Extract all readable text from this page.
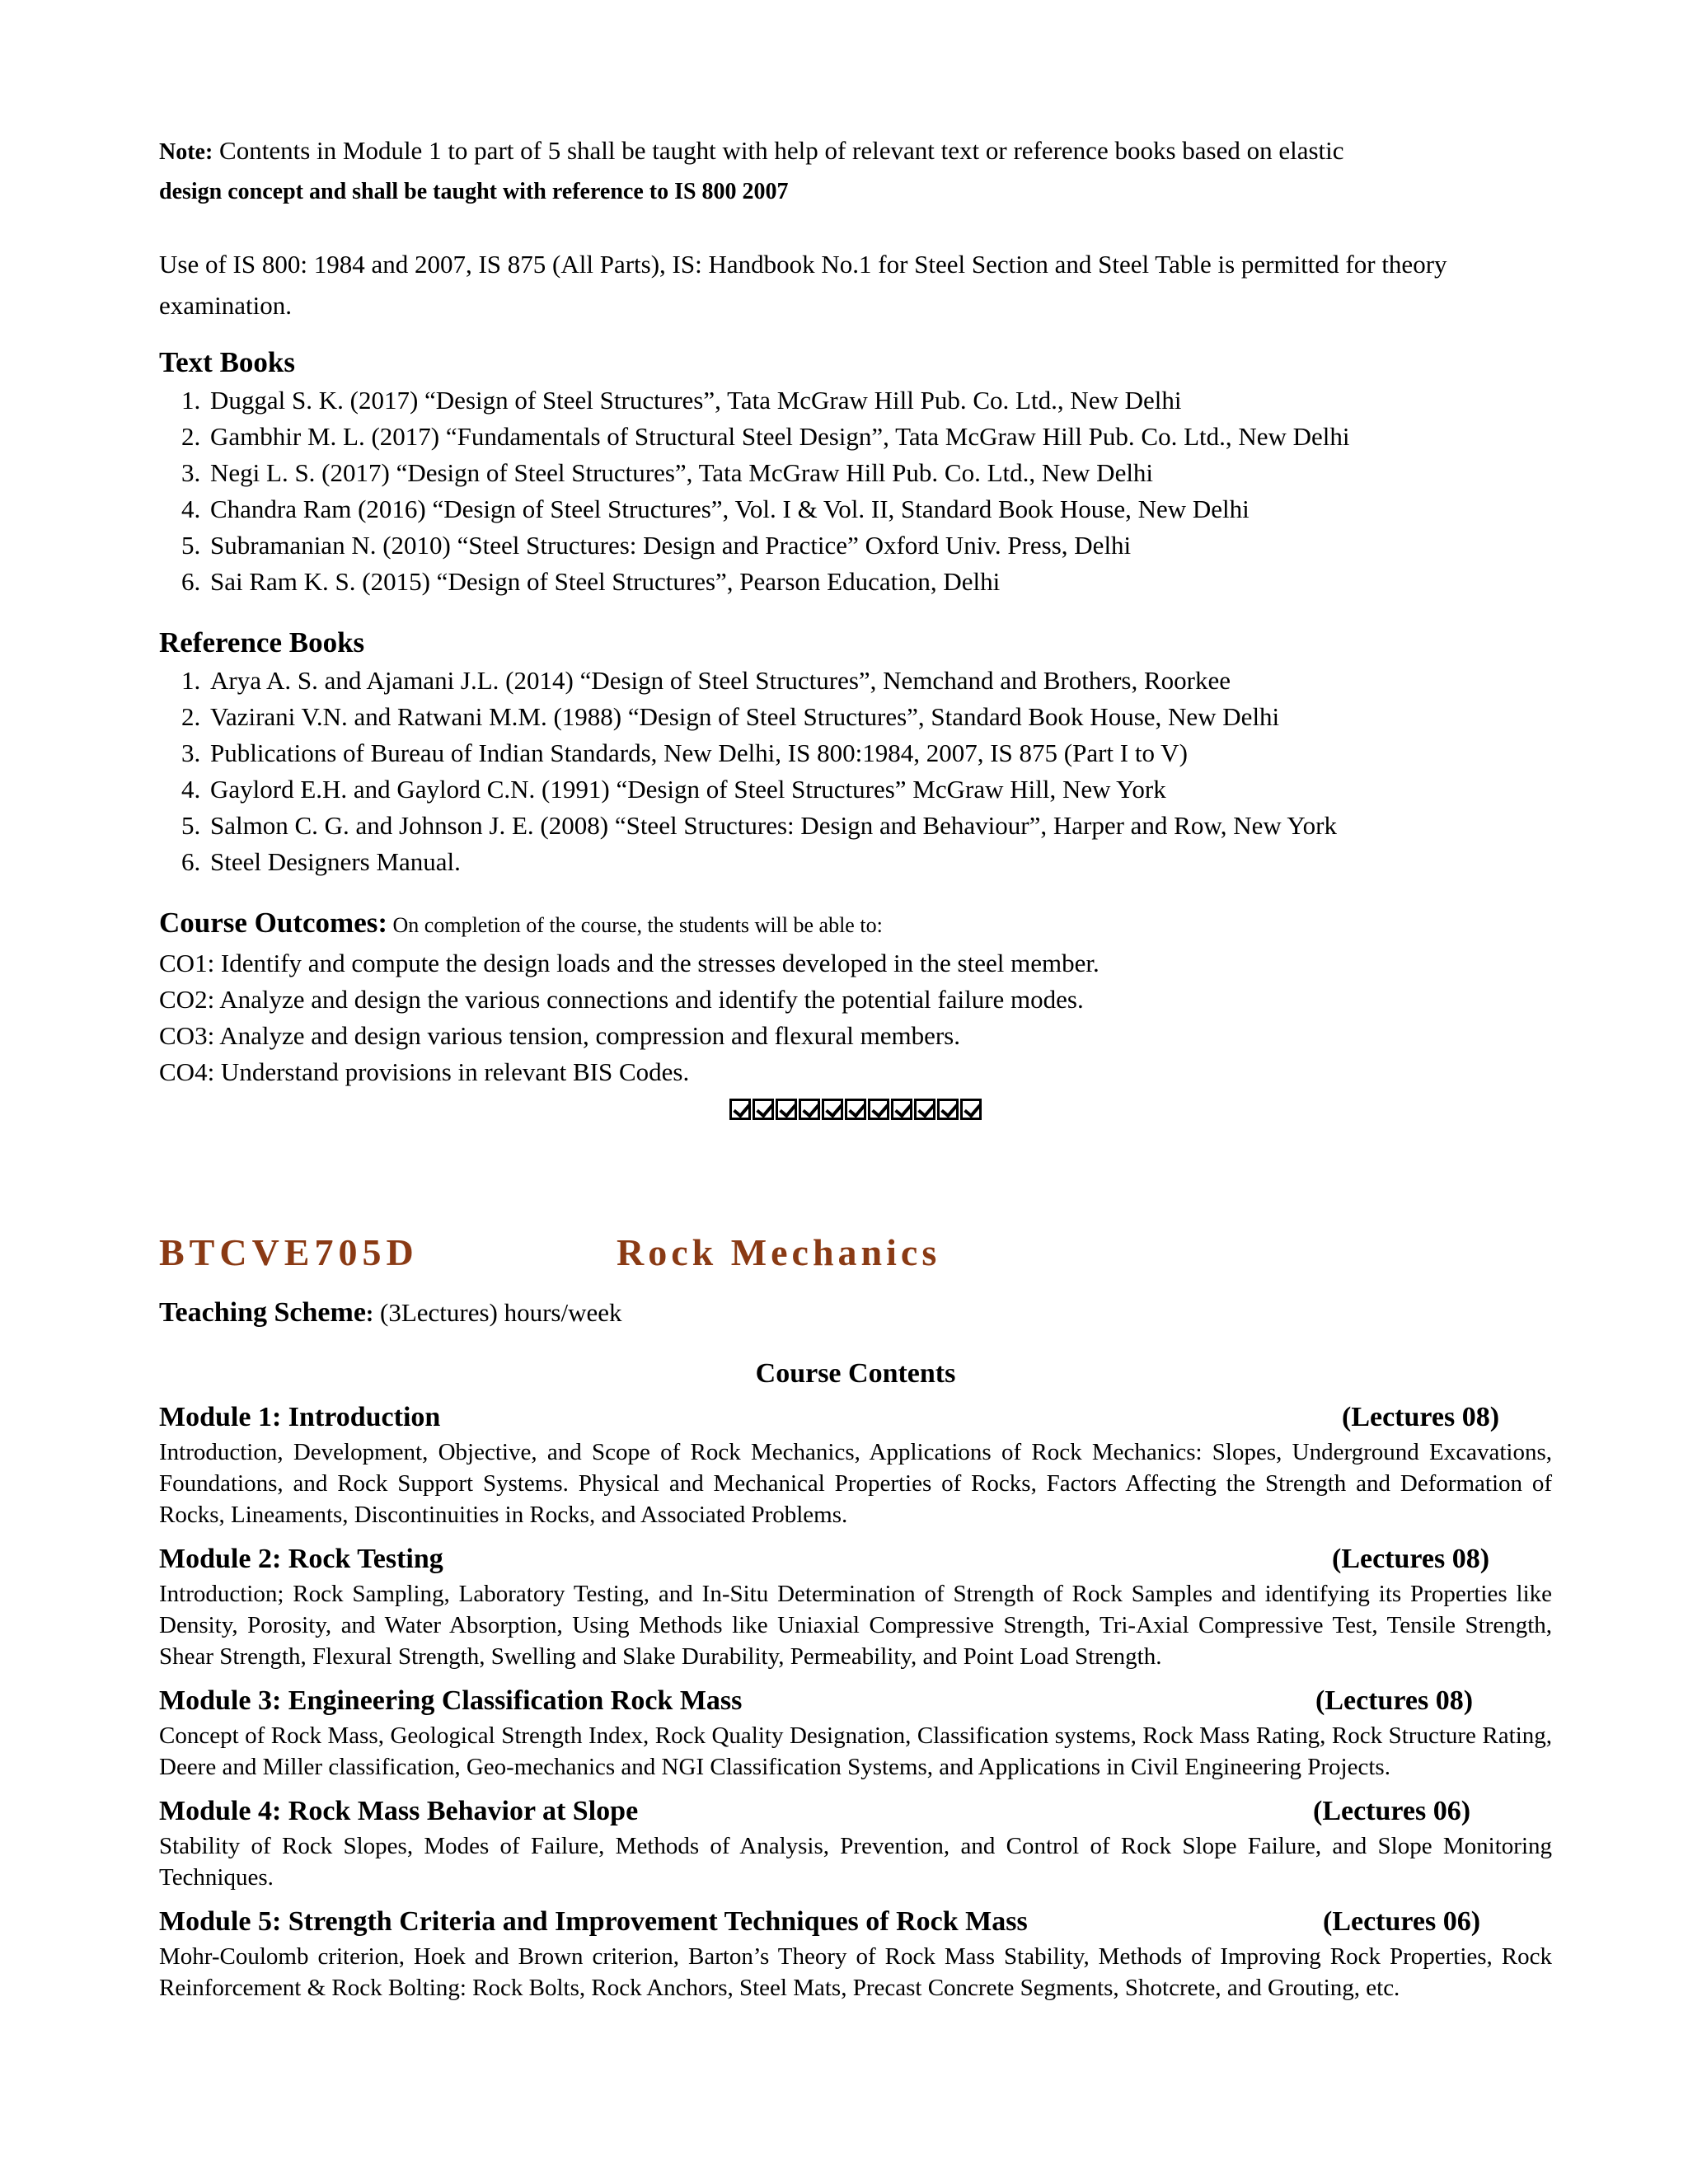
Note: Contents in Module 1 to part of 5 shall be taught with help of relevant text or reference books based on elastic
design concept and shall be taught with reference to IS 800 2007

Use of IS 800: 1984 and 2007, IS 875 (All Parts), IS: Handbook No.1 for Steel Section and Steel Table is permitted for theory examination.

Text Books
1. Duggal S. K. (2017) “Design of Steel Structures”, Tata McGraw Hill Pub. Co. Ltd., New Delhi
2. Gambhir M. L. (2017) “Fundamentals of Structural Steel Design”, Tata McGraw Hill Pub. Co. Ltd., New Delhi
3. Negi L. S. (2017) “Design of Steel Structures”, Tata McGraw Hill Pub. Co. Ltd., New Delhi
4. Chandra Ram (2016) “Design of Steel Structures”, Vol. I & Vol. II, Standard Book House, New Delhi
5. Subramanian N. (2010) “Steel Structures: Design and Practice” Oxford Univ. Press, Delhi
6. Sai Ram K. S. (2015) “Design of Steel Structures”, Pearson Education, Delhi
Reference Books
1. Arya A. S. and Ajamani J.L. (2014) “Design of Steel Structures”, Nemchand and Brothers, Roorkee
2. Vazirani V.N. and Ratwani M.M. (1988) “Design of Steel Structures”, Standard Book House, New Delhi
3. Publications of Bureau of Indian Standards, New Delhi, IS 800:1984, 2007, IS 875 (Part I to V)
4. Gaylord E.H. and Gaylord C.N. (1991) “Design of Steel Structures” McGraw Hill, New York
5. Salmon C. G. and Johnson J. E. (2008) “Steel Structures: Design and Behaviour”, Harper and Row, New York
6. Steel Designers Manual.
Course Outcomes: On completion of the course, the students will be able to:

CO1: Identify and compute the design loads and the stresses developed in the steel member.

CO2: Analyze and design the various connections and identify the potential failure modes.

CO3: Analyze and design various tension, compression and flexural members.

CO4: Understand provisions in relevant BIS Codes.

BTCVE705D	Rock Mechanics
Teaching Scheme: (3Lectures) hours/week
Course Contents
Module 1: Introduction	(Lectures 08)

Introduction, Development, Objective, and Scope of Rock Mechanics, Applications of Rock Mechanics: Slopes, Underground Excavations, Foundations, and Rock Support Systems. Physical and Mechanical Properties of Rocks, Factors Affecting the Strength and Deformation of Rocks, Lineaments, Discontinuities in Rocks, and Associated Problems.

Module 2: Rock Testing	(Lectures 08)

Introduction; Rock Sampling, Laboratory Testing, and In-Situ Determination of Strength of Rock Samples and identifying its Properties like Density, Porosity, and Water Absorption, Using Methods like Uniaxial Compressive Strength, Tri-Axial Compressive Test, Tensile Strength, Shear Strength, Flexural Strength, Swelling and Slake Durability, Permeability, and Point Load Strength.

Module 3: Engineering Classification Rock Mass	(Lectures 08)

Concept of Rock Mass, Geological Strength Index, Rock Quality Designation, Classification systems, Rock Mass Rating, Rock Structure Rating, Deere and Miller classification, Geo-mechanics and NGI Classification Systems, and Applications in Civil Engineering Projects.

Module 4: Rock Mass Behavior at Slope	(Lectures 06)

Stability of Rock Slopes, Modes of Failure, Methods of Analysis, Prevention, and Control of Rock Slope Failure, and Slope Monitoring Techniques.

Module 5: Strength Criteria and Improvement Techniques of Rock Mass	(Lectures 06)

Mohr-Coulomb criterion, Hoek and Brown criterion, Barton’s Theory of Rock Mass Stability, Methods of Improving Rock Properties, Rock Reinforcement & Rock Bolting: Rock Bolts, Rock Anchors, Steel Mats, Precast Concrete Segments, Shotcrete, and Grouting, etc.
